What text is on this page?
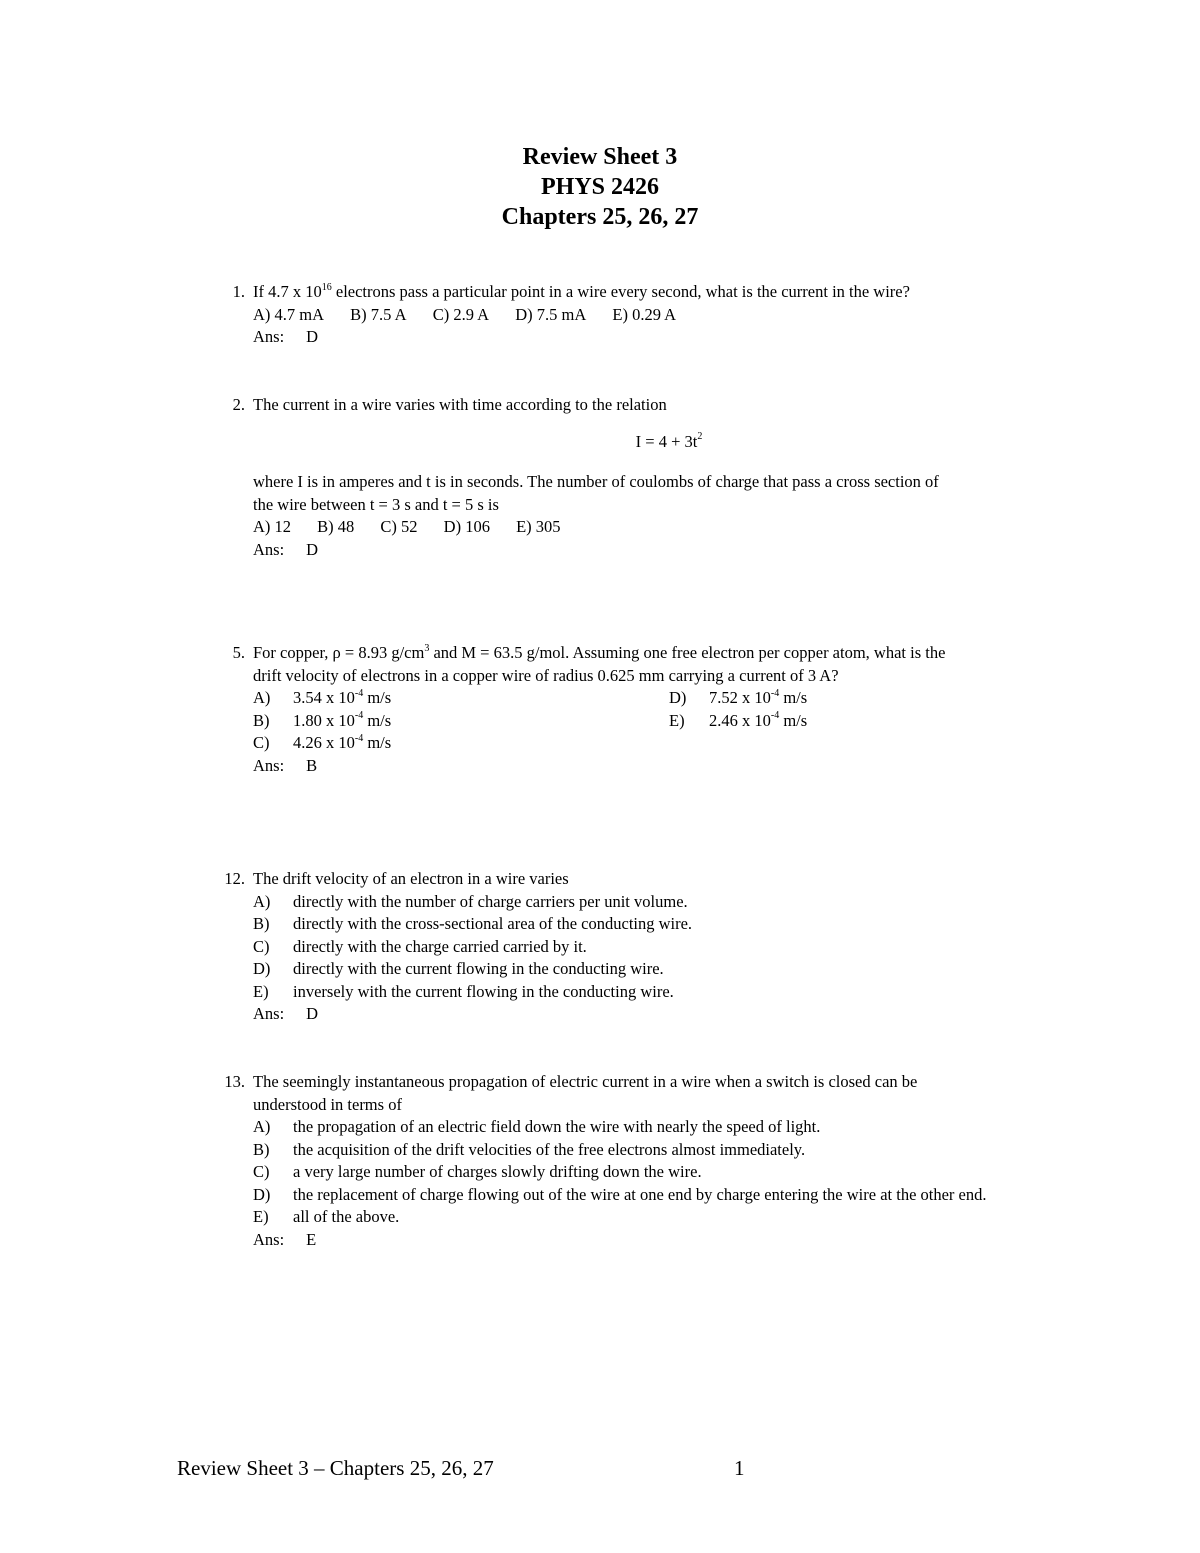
Review Sheet 3
PHYS 2426
Chapters 25, 26, 27
1. If 4.7 x $10^{16}$ electrons pass a particular point in a wire every second, what is the current in the wire?
A) 4.7 mA B) 7.5 A C) 2.9 A D) 7.5 mA E) 0.29 A
Ans: D
2. The current in a wire varies with time according to the relation
$I = 4 + 3t^2$
where I is in amperes and t is in seconds. The number of coulombs of charge that pass a cross section of
the wire between t = 3 s and t = 5 s is
A) 12 B) 48 C) 52 D) 106 E) 305
Ans: D
5. For copper, ρ = 8.93 $g/cm^3$ and M = 63.5 g/mol. Assuming one free electron per copper atom, what is the
drift velocity of electrons in a copper wire of radius 0.625 mm carrying a current of 3 A?
A)	3.54 x $10^{-4}$ m/s
B)	1.80 x $10^{-4}$ m/s
C)	4.26 x $10^{-4}$ m/s
D)	7.52 x $10^{-4}$ m/s
E)	2.46 x $10^{-4}$ m/s
Ans: B
12. The drift velocity of an electron in a wire varies
A) directly with the number of charge carriers per unit volume.
B) directly with the cross-sectional area of the conducting wire.
C) directly with the charge carried carried by it.
D) directly with the current flowing in the conducting wire.
E) inversely with the current flowing in the conducting wire.
Ans: D
13. The seemingly instantaneous propagation of electric current in a wire when a switch is closed can be
understood in terms of
A) the propagation of an electric field down the wire with nearly the speed of light.
B) the acquisition of the drift velocities of the free electrons almost immediately.
C) a very large number of charges slowly drifting down the wire.
D) the replacement of charge flowing out of the wire at one end by charge entering the wire at the other end.
E) all of the above.
Ans: E
Review Sheet 3 – Chapters 25, 26, 27	1
